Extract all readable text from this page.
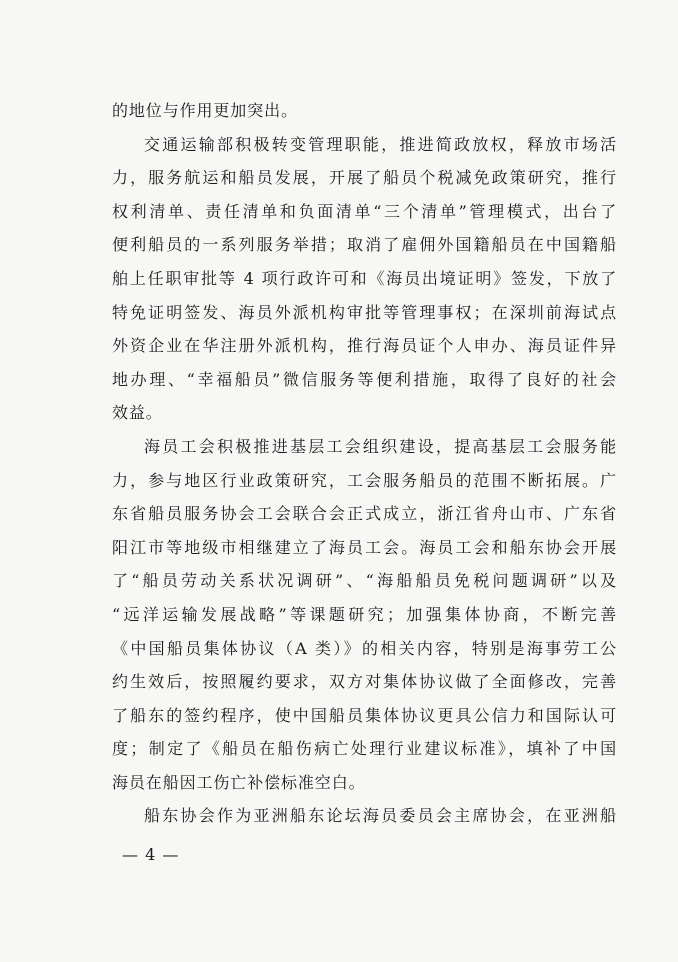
的地位与作用更加突出。
交通运输部积极转变管理职能，推进简政放权，释放市场活
力，服务航运和船员发展，开展了船员个税减免政策研究，推行
权利清单、责任清单和负面清单“三个清单”管理模式，出台了
便利船员的一系列服务举措；取消了雇佣外国籍船员在中国籍船
舶上任职审批等 4 项行政许可和《海员出境证明》签发，下放了
特免证明签发、海员外派机构审批等管理事权；在深圳前海试点
外资企业在华注册外派机构，推行海员证个人申办、海员证件异
地办理、“幸福船员”微信服务等便利措施，取得了良好的社会
效益。
海员工会积极推进基层工会组织建设，提高基层工会服务能
力，参与地区行业政策研究，工会服务船员的范围不断拓展。广
东省船员服务协会工会联合会正式成立，浙江省舟山市、广东省
阳江市等地级市相继建立了海员工会。海员工会和船东协会开展
了“船员劳动关系状况调研”、“海船船员免税问题调研”以及
“远洋运输发展战略”等课题研究；加强集体协商，不断完善
《中国船员集体协议（A 类）》的相关内容，特别是海事劳工公
约生效后，按照履约要求，双方对集体协议做了全面修改，完善
了船东的签约程序，使中国船员集体协议更具公信力和国际认可
度；制定了《船员在船伤病亡处理行业建议标准》，填补了中国
海员在船因工伤亡补偿标准空白。
船东协会作为亚洲船东论坛海员委员会主席协会，在亚洲船
— 4 —
